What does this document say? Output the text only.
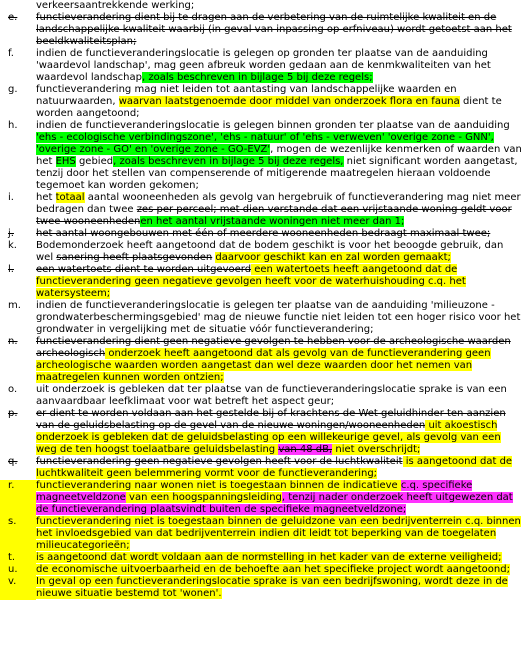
verkeersaantrekkende werking;
e.	functieverandering dient bij te dragen aan de verbetering van de ruimtelijke kwaliteit en de landschappelijke kwaliteit waarbij (in geval van inpassing op erfniveau) wordt getoetst aan het beeldkwaliteitsplan;
f.	indien de functieveranderingslocatie is gelegen op gronden ter plaatse van de aanduiding 'waardevol landschap', mag geen afbreuk worden gedaan aan de kenmkwaliteiten van het waardevol landschap, zoals beschreven in bijlage 5 bij deze regels;
g.	functieverandering mag niet leiden tot aantasting van landschappelijke waarden en natuurwaarden, waarvan laatstgenoemde door middel van onderzoek flora en fauna dient te worden aangetoond;
h.	indien de functieveranderingslocatie is gelegen binnen gronden ter plaatse van de aanduiding 'ehs - ecologische verbindingszone', 'ehs - natuur' of 'ehs - verweven' 'overige zone - GNN', 'overige zone - GO' en 'overige zone - GO-EVZ', mogen de wezenlijke kenmerken of waarden van het EHS gebied, zoals beschreven in bijlage 5 bij deze regels, niet significant worden aangetast, tenzij door het stellen van compenserende of mitigerende maatregelen hieraan voldoende tegemoet kan worden gekomen;
i.	het totaal aantal wooneenheden als gevolg van hergebruik of functieverandering mag niet meer bedragen dan twee zes per perceel; met dien verstande dat een vrijstaande woning geldt voor twee wooneenhedenen het aantal vrijstaande woningen niet meer dan 1;
j.	het aantal woongebouwen met één of meerdere wooneenheden bedraagt maximaal twee;
k.	Bodemonderzoek heeft aangetoond dat de bodem geschikt is voor het beoogde gebruik, dan wel sanering heeft plaatsgevonden daarvoor geschikt kan en zal worden gemaakt;
l.	een watertoets dient te worden uitgevoerd een watertoets heeft aangetoond dat de functieverandering geen negatieve gevolgen heeft voor de waterhuishouding c.q. het watersysteem;
m.	indien de functieveranderingslocatie is gelegen ter plaatse van de aanduiding 'milieuzone - grondwaterbeschermingsgebied' mag de nieuwe functie niet leiden tot een hoger risico voor het grondwater in vergelijking met de situatie vóór functieverandering;
n.	functieverandering dient geen negatieve gevolgen te hebben voor de archeologische waarden archeologisch onderzoek heeft aangetoond dat als gevolg van de functieverandering geen archeologische waarden worden aangetast dan wel deze waarden door het nemen van maatregelen kunnen worden ontzien;
o.	uit onderzoek is gebleken dat ter plaatse van de functieveranderingslocatie sprake is van een aanvaardbaar leefklimaat voor wat betreft het aspect geur;
p.	er dient te worden voldaan aan het gestelde bij of krachtens de Wet geluidhinder ten aanzien van de geluidsbelasting op de gevel van de nieuwe woningen/wooneenheden uit akoestisch onderzoek is gebleken dat de geluidsbelasting op een willekeurige gevel, als gevolg van een weg de ten hoogst toelaatbare geluidsbelasting van 48 dB, niet overschrijdt;
q.	functieverandering geen negatieve gevolgen heeft voor de luchtkwaliteit is aangetoond dat de luchtkwaliteit geen belemmering vormt voor de functieverandering;
r.	functieverandering naar wonen niet is toegestaan binnen de indicatieve c.q. specifieke magneetveldzone van een hoogspanningsleiding, tenzij nader onderzoek heeft uitgewezen dat de functieverandering plaatsvindt buiten de specifieke magneetveldzone;
s.	functieverandering niet is toegestaan binnen de geluidzone van een bedrijventerrein c.q. binnen het invloedsgebied van dat bedrijventerrein indien dit leidt tot beperking van de toegelaten milieucategorieën;
t.	is aangetoond dat wordt voldaan aan de normstelling in het kader van de externe veiligheid;
u.	de economische uitvoerbaarheid en de behoefte aan het specifieke project wordt aangetoond;
v.	In geval op een functieveranderingslocatie sprake is van een bedrijfswoning, wordt deze in de nieuwe situatie bestemd tot 'wonen'.
